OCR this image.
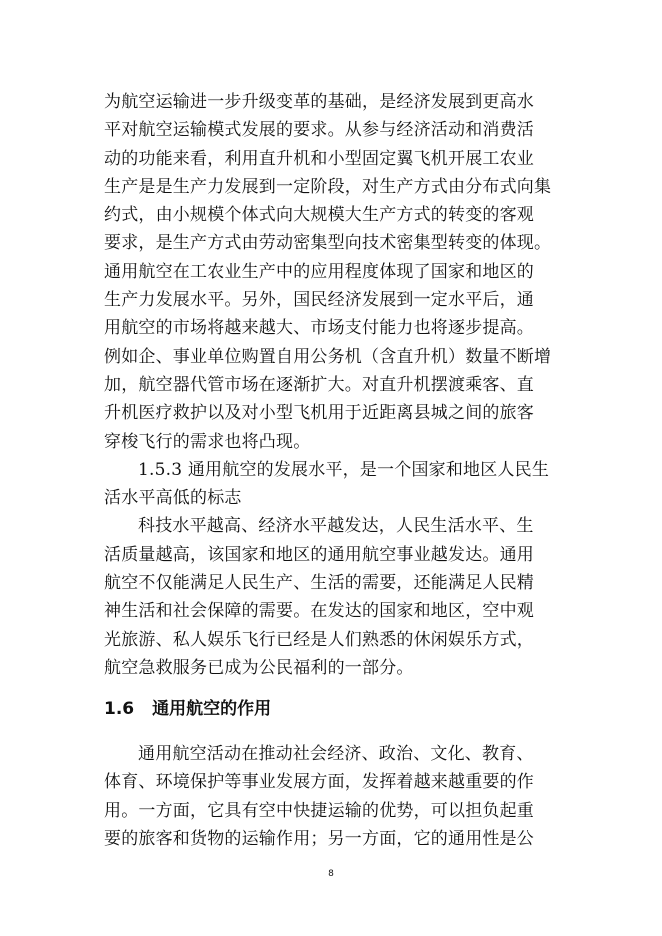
为航空运输进一步升级变革的基础，是经济发展到更高水
平对航空运输模式发展的要求。从参与经济活动和消费活
动的功能来看，利用直升机和小型固定翼飞机开展工农业
生产是是生产力发展到一定阶段，对生产方式由分布式向集
约式，由小规模个体式向大规模大生产方式的转变的客观
要求，是生产方式由劳动密集型向技术密集型转变的体现。
通用航空在工农业生产中的应用程度体现了国家和地区的
生产力发展水平。另外，国民经济发展到一定水平后，通
用航空的市场将越来越大、市场支付能力也将逐步提高。
例如企、事业单位购置自用公务机（含直升机）数量不断增
加，航空器代管市场在逐渐扩大。对直升机摆渡乘客、直
升机医疗救护以及对小型飞机用于近距离县城之间的旅客
穿梭飞行的需求也将凸现。
1.5.3 通用航空的发展水平，是一个国家和地区人民生
活水平高低的标志
科技水平越高、经济水平越发达，人民生活水平、生
活质量越高，该国家和地区的通用航空事业越发达。通用
航空不仅能满足人民生产、生活的需要，还能满足人民精
神生活和社会保障的需要。在发达的国家和地区，空中观
光旅游、私人娱乐飞行已经是人们熟悉的休闲娱乐方式，
航空急救服务已成为公民福利的一部分。
1.6 通用航空的作用
通用航空活动在推动社会经济、政治、文化、教育、
体育、环境保护等事业发展方面，发挥着越来越重要的作
用。一方面，它具有空中快捷运输的优势，可以担负起重
要的旅客和货物的运输作用；另一方面，它的通用性是公
8
